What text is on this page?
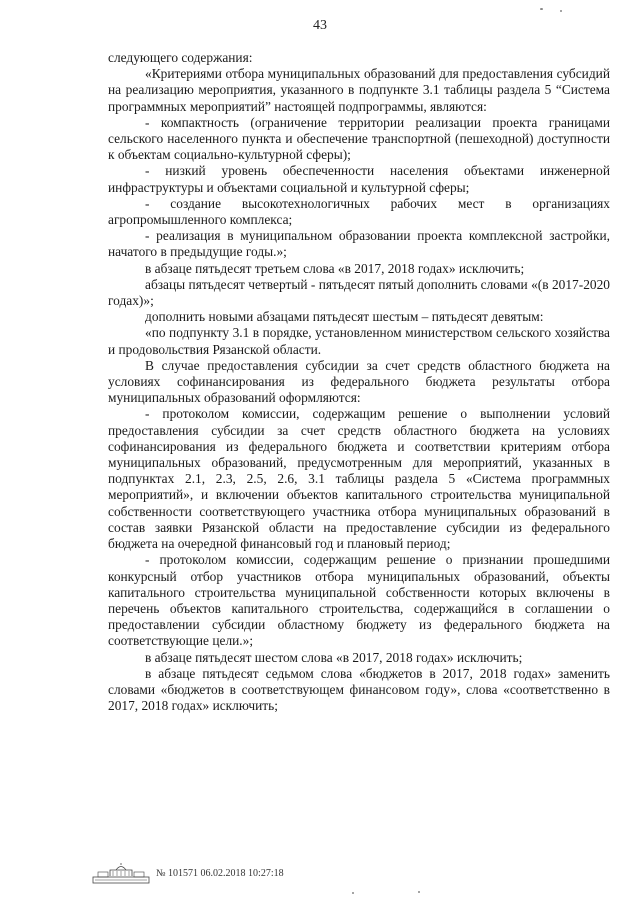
43

следующего содержания:

«Критериями отбора муниципальных образований для предоставления субсидий на реализацию мероприятия, указанного в подпункте 3.1 таблицы раздела 5 “Система программных мероприятий” настоящей подпрограммы, являются:

- компактность (ограничение территории реализации проекта границами сельского населенного пункта и обеспечение транспортной (пешеходной) доступности к объектам социально-культурной сферы);

- низкий уровень обеспеченности населения объектами инженерной инфраструктуры и объектами социальной и культурной сферы;

- создание высокотехнологичных рабочих мест в организациях агропромышленного комплекса;

- реализация в муниципальном образовании проекта комплексной застройки, начатого в предыдущие годы.»;

в абзаце пятьдесят третьем слова «в 2017, 2018 годах» исключить;

абзацы пятьдесят четвертый - пятьдесят пятый дополнить словами «(в 2017-2020 годах)»;

дополнить новыми абзацами пятьдесят шестым – пятьдесят девятым:

«по подпункту 3.1 в порядке, установленном министерством сельского хозяйства и продовольствия Рязанской области.

В случае предоставления субсидии за счет средств областного бюджета на условиях софинансирования из федерального бюджета результаты отбора муниципальных образований оформляются:

- протоколом комиссии, содержащим решение о выполнении условий предоставления субсидии за счет средств областного бюджета на условиях софинансирования из федерального бюджета и соответствии критериям отбора муниципальных образований, предусмотренным для мероприятий, указанных в подпунктах 2.1, 2.3, 2.5, 2.6, 3.1 таблицы раздела 5 «Система программных мероприятий», и включении объектов капитального строительства муниципальной собственности соответствующего участника отбора муниципальных образований в состав заявки Рязанской области на предоставление субсидии из федерального бюджета на очередной финансовый год и плановый период;

- протоколом комиссии, содержащим решение о признании прошедшими конкурсный отбор участников отбора муниципальных образований, объекты капитального строительства муниципальной собственности которых включены в перечень объектов капитального строительства, содержащийся в соглашении о предоставлении субсидии областному бюджету из федерального бюджета на соответствующие цели.»;

в абзаце пятьдесят шестом слова «в 2017, 2018 годах» исключить;

в абзаце пятьдесят седьмом слова «бюджетов в 2017, 2018 годах» заменить словами «бюджетов в соответствующем финансовом году», слова «соответственно в 2017, 2018 годах» исключить;

№ 101571 06.02.2018 10:27:18
